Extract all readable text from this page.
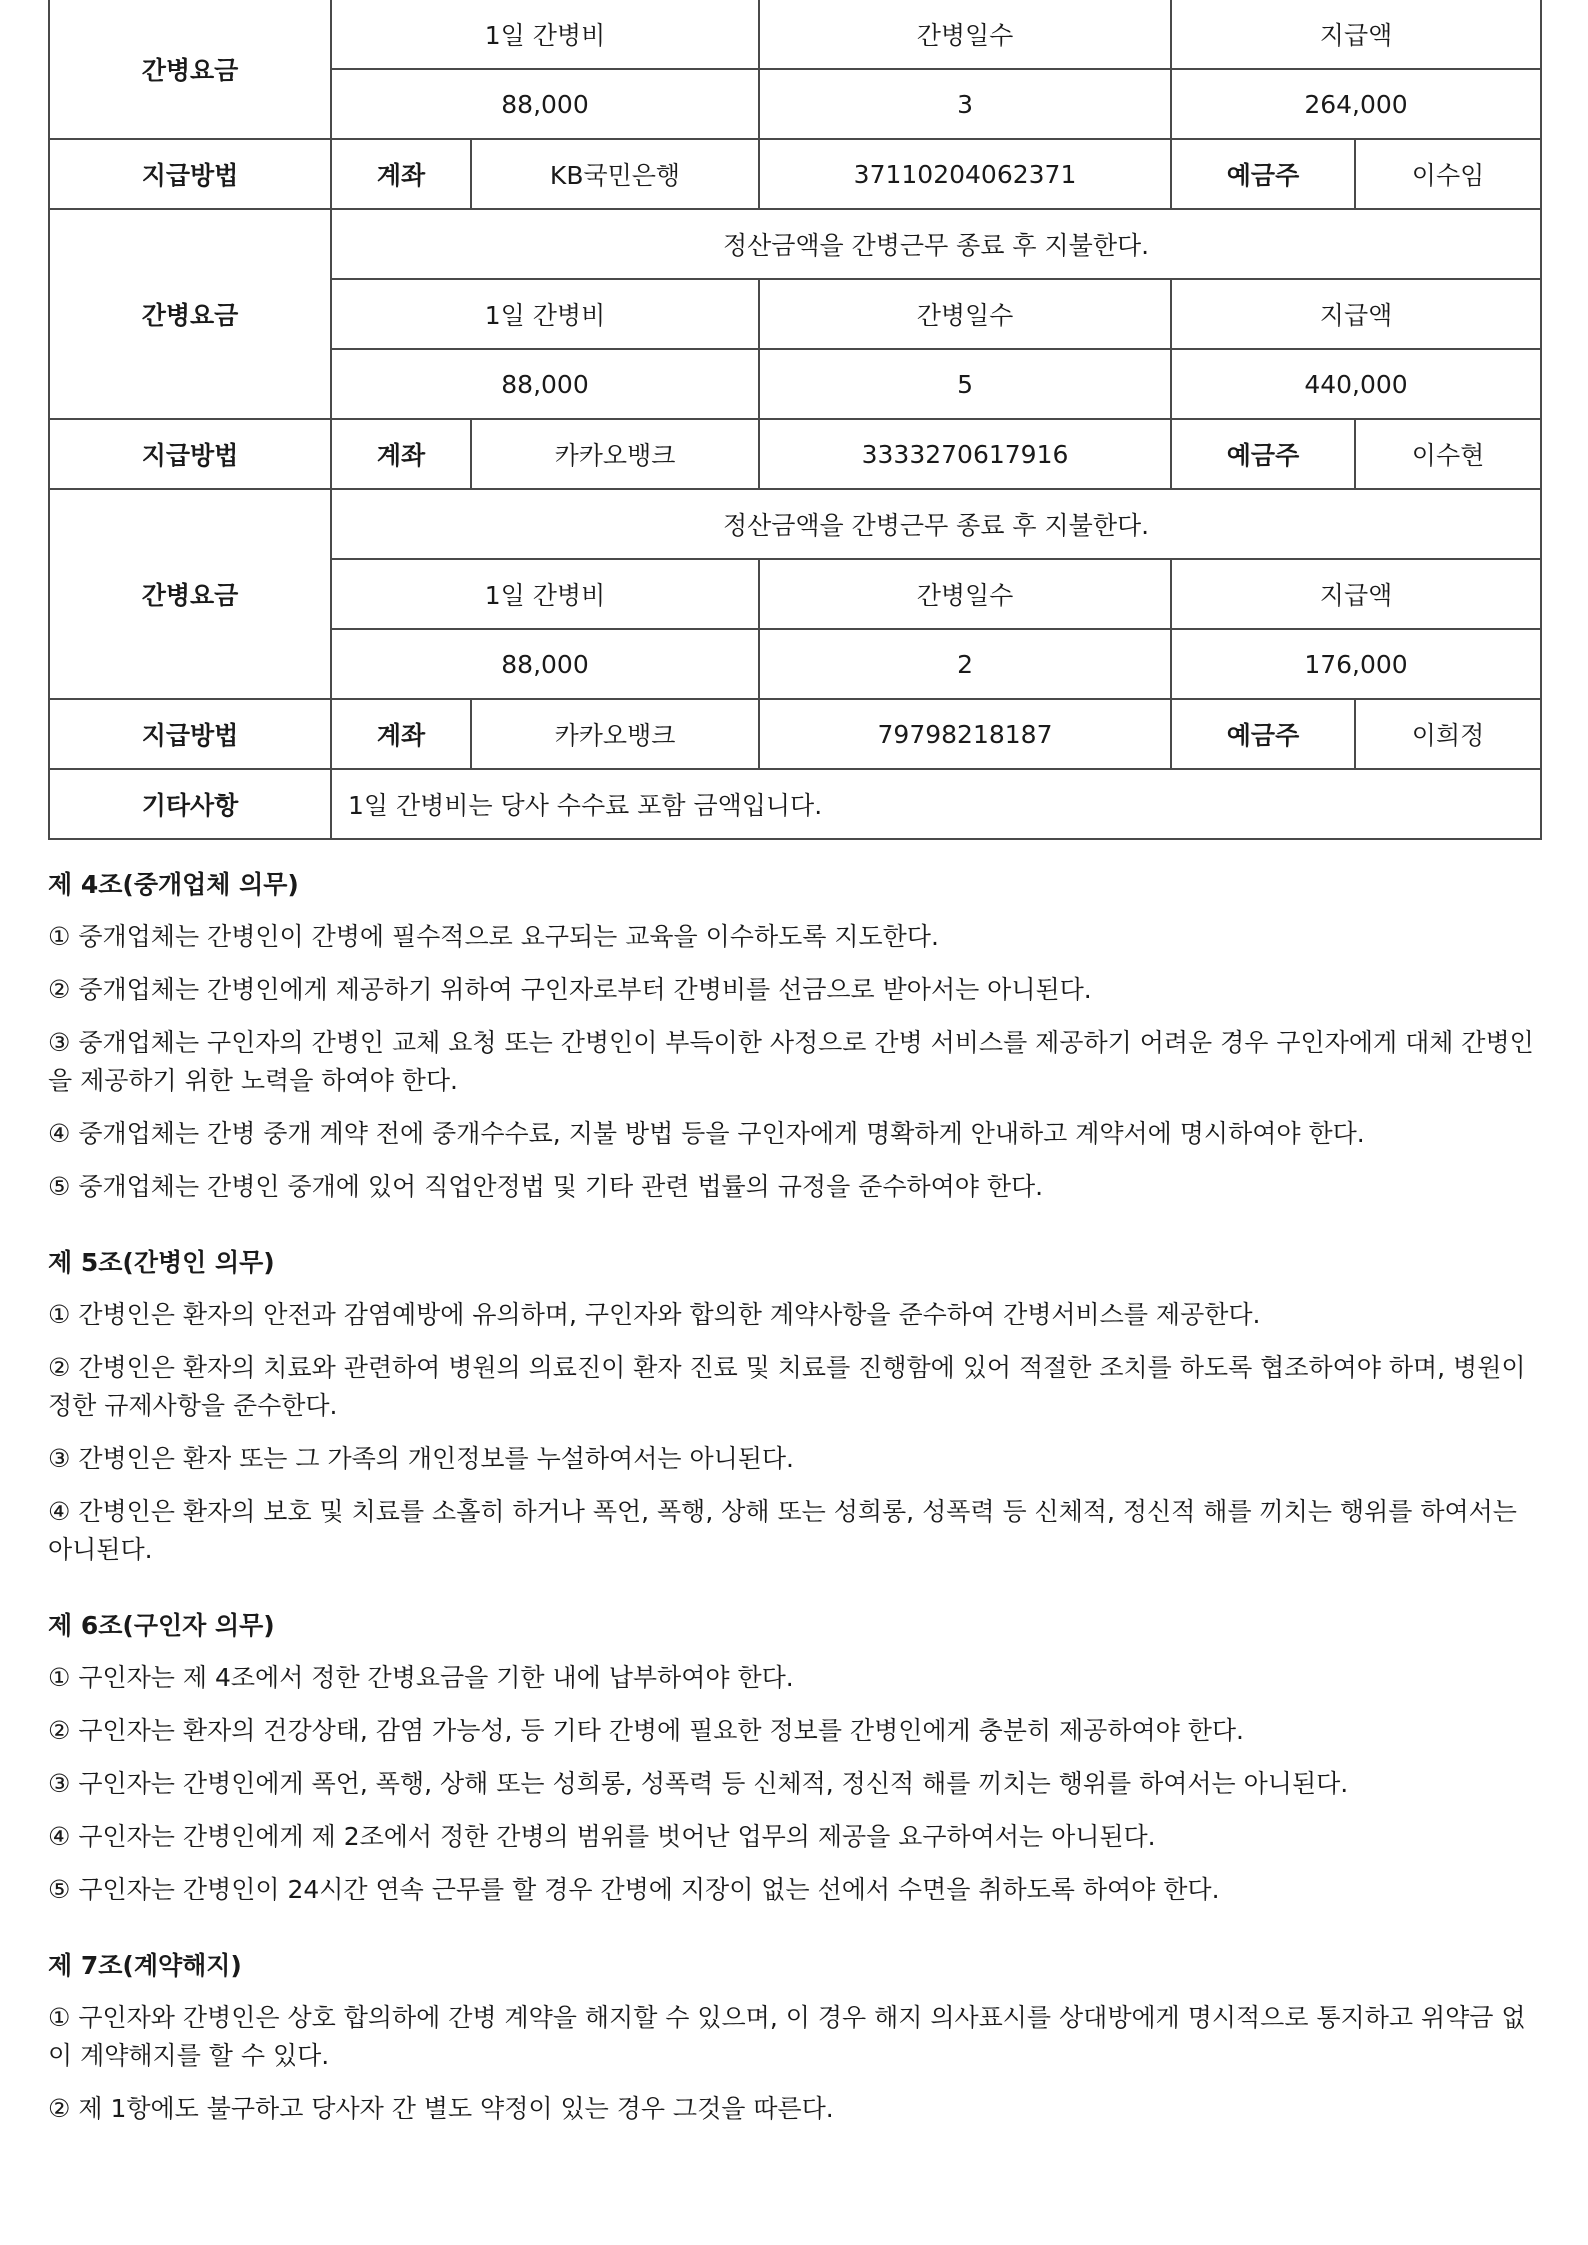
간병요금	1일 간병비		간병일수	지급액	
	88,000		3	264,000	
지급방법	계좌	KB국민은행	37110204062371	예금주	이수임
간병요금	정산금액을 간병근무 종료 후 지불한다.				
	1일 간병비		간병일수	지급액	
	88,000		5	440,000	
지급방법	계좌	카카오뱅크	3333270617916	예금주	이수현
간병요금	정산금액을 간병근무 종료 후 지불한다.				
	1일 간병비		간병일수	지급액	
	88,000		2	176,000	
지급방법	계좌	카카오뱅크	79798218187	예금주	이희정
기타사항	1일 간병비는 당사 수수료 포함 금액입니다.				
제 4조(중개업체 의무)
① 중개업체는 간병인이 간병에 필수적으로 요구되는 교육을 이수하도록 지도한다.
② 중개업체는 간병인에게 제공하기 위하여 구인자로부터 간병비를 선금으로 받아서는 아니된다.
③ 중개업체는 구인자의 간병인 교체 요청 또는 간병인이 부득이한 사정으로 간병 서비스를 제공하기 어려운 경우 구인자에게 대체 간병인을 제공하기 위한 노력을 하여야 한다.
④ 중개업체는 간병 중개 계약 전에 중개수수료, 지불 방법 등을 구인자에게 명확하게 안내하고 계약서에 명시하여야 한다.
⑤ 중개업체는 간병인 중개에 있어 직업안정법 및 기타 관련 법률의 규정을 준수하여야 한다.
제 5조(간병인 의무)
① 간병인은 환자의 안전과 감염예방에 유의하며, 구인자와 합의한 계약사항을 준수하여 간병서비스를 제공한다.
② 간병인은 환자의 치료와 관련하여 병원의 의료진이 환자 진료 및 치료를 진행함에 있어 적절한 조치를 하도록 협조하여야 하며, 병원이 정한 규제사항을 준수한다.
③ 간병인은 환자 또는 그 가족의 개인정보를 누설하여서는 아니된다.
④ 간병인은 환자의 보호 및 치료를 소홀히 하거나 폭언, 폭행, 상해 또는 성희롱, 성폭력 등 신체적, 정신적 해를 끼치는 행위를 하여서는 아니된다.
제 6조(구인자 의무)
① 구인자는 제 4조에서 정한 간병요금을 기한 내에 납부하여야 한다.
② 구인자는 환자의 건강상태, 감염 가능성, 등 기타 간병에 필요한 정보를 간병인에게 충분히 제공하여야 한다.
③ 구인자는 간병인에게 폭언, 폭행, 상해 또는 성희롱, 성폭력 등 신체적, 정신적 해를 끼치는 행위를 하여서는 아니된다.
④ 구인자는 간병인에게 제 2조에서 정한 간병의 범위를 벗어난 업무의 제공을 요구하여서는 아니된다.
⑤ 구인자는 간병인이 24시간 연속 근무를 할 경우 간병에 지장이 없는 선에서 수면을 취하도록 하여야 한다.
제 7조(계약해지)
① 구인자와 간병인은 상호 합의하에 간병 계약을 해지할 수 있으며, 이 경우 해지 의사표시를 상대방에게 명시적으로 통지하고 위약금 없이 계약해지를 할 수 있다.
② 제 1항에도 불구하고 당사자 간 별도 약정이 있는 경우 그것을 따른다.
